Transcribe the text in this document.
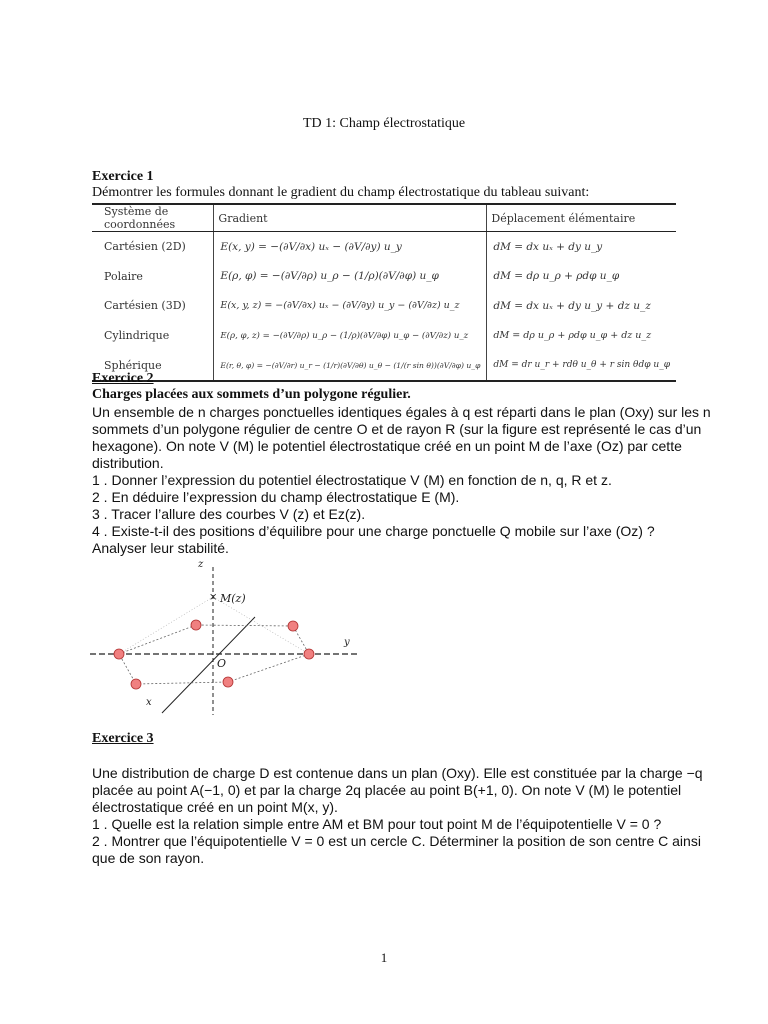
TD 1: Champ électrostatique
Exercice 1
Démontrer les formules donnant le gradient du champ électrostatique du tableau suivant:
Système de coordonnées	Gradient	Déplacement élémentaire
Cartésien (2D)	E(x, y) = −(∂V/∂x) uₓ − (∂V/∂y) u_y	dM = dx uₓ + dy u_y
Polaire	E(ρ, φ) = −(∂V/∂ρ) u_ρ − (1/ρ)(∂V/∂φ) u_φ	dM = dρ u_ρ + ρdφ u_φ
Cartésien (3D)	E(x, y, z) = −(∂V/∂x) uₓ − (∂V/∂y) u_y − (∂V/∂z) u_z	dM = dx uₓ + dy u_y + dz u_z
Cylindrique	E(ρ, φ, z) = −(∂V/∂ρ) u_ρ − (1/ρ)(∂V/∂φ) u_φ − (∂V/∂z) u_z	dM = dρ u_ρ + ρdφ u_φ + dz u_z
Sphérique	E(r, θ, φ) = −(∂V/∂r) u_r − (1/r)(∂V/∂θ) u_θ − (1/(r sin θ))(∂V/∂φ) u_φ	dM = dr u_r + rdθ u_θ + r sin θdφ u_φ
Exercice 2
Charges placées aux sommets d’un polygone régulier.
Un ensemble de n charges ponctuelles identiques égales à q est réparti dans le plan (Oxy) sur les n
sommets d’un polygone régulier de centre O et de rayon R (sur la figure est représenté le cas d’un
hexagone). On note V (M) le potentiel électrostatique créé en un point M de l’axe (Oz) par cette
distribution.
1 . Donner l’expression du potentiel électrostatique V (M) en fonction de n, q, R et z.
2 . En déduire l’expression du champ électrostatique E (M).
3 . Tracer l’allure des courbes V (z) et Ez(z).
4 . Existe-t-il des positions d’équilibre pour une charge ponctuelle Q mobile sur l’axe (Oz) ?
Analyser leur stabilité.
× M(z)
z
y
x
O
Exercice 3
Une distribution de charge D est contenue dans un plan (Oxy). Elle est constituée par la charge −q
placée au point A(−1, 0) et par la charge 2q placée au point B(+1, 0). On note V (M) le potentiel
électrostatique créé en un point M(x, y).
1 . Quelle est la relation simple entre AM et BM pour tout point M de l’équipotentielle V = 0 ?
2 . Montrer que l’équipotentielle V = 0 est un cercle C. Déterminer la position de son centre C ainsi
que de son rayon.
1
